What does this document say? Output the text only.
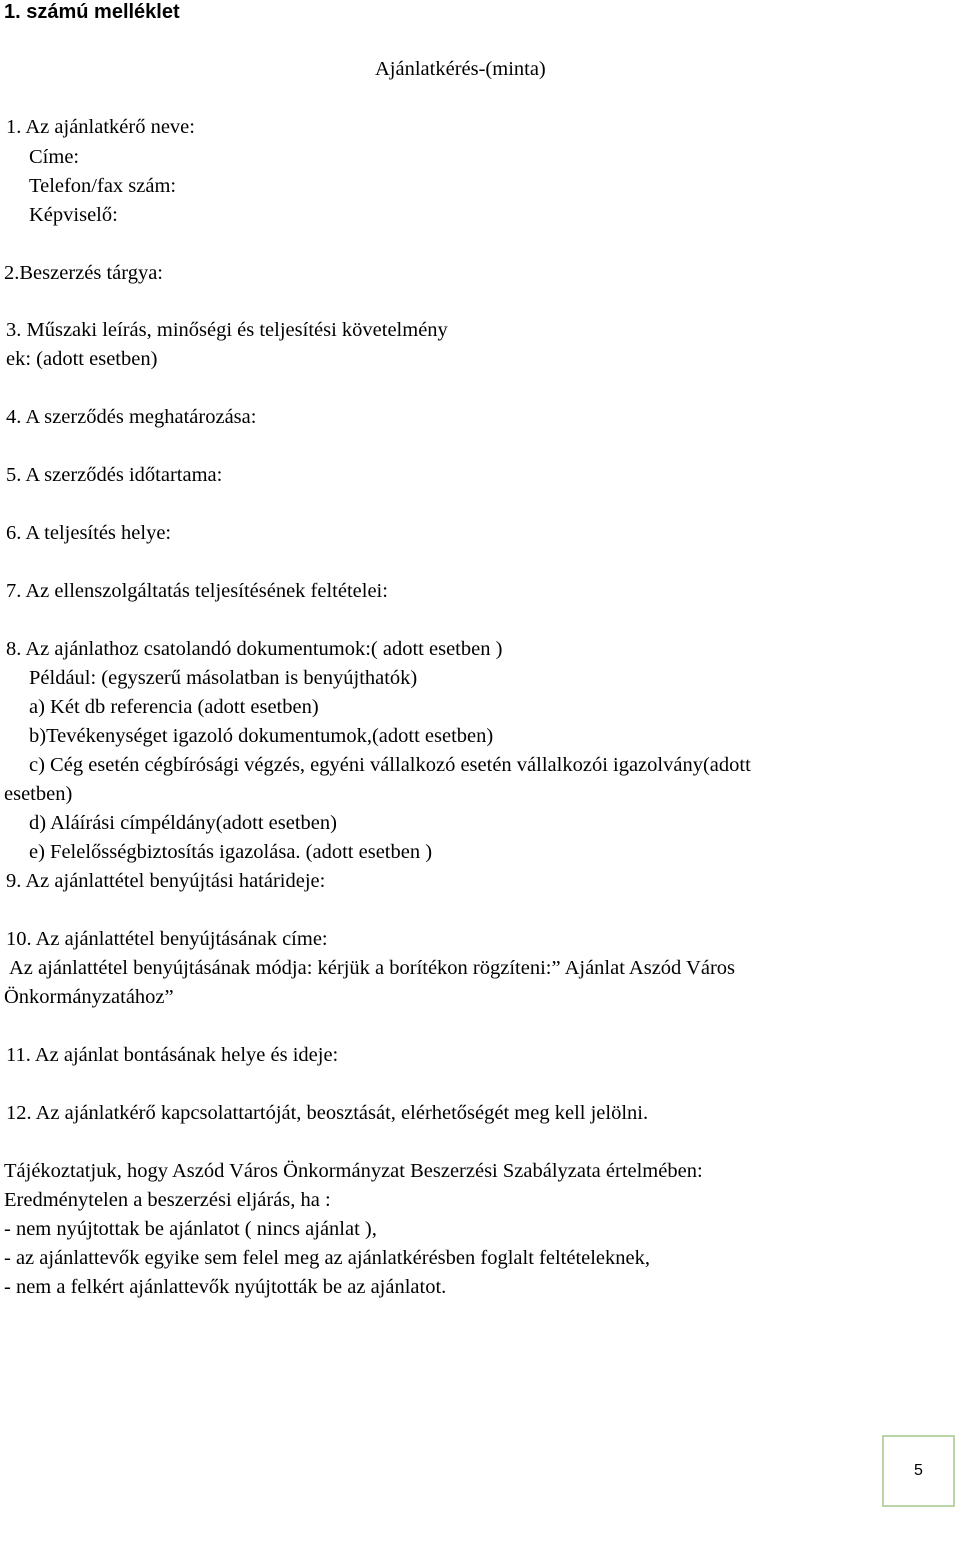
1. számú melléklet
Ajánlatkérés-(minta)
1. Az ajánlatkérő neve:
Címe:
Telefon/fax szám:
Képviselő:
2.Beszerzés tárgya:
3. Műszaki leírás, minőségi és teljesítési követelmény
ek: (adott esetben)
4. A szerződés meghatározása:
5. A szerződés időtartama:
6. A teljesítés helye:
7. Az ellenszolgáltatás teljesítésének feltételei:
8. Az ajánlathoz csatolandó dokumentumok:( adott esetben )
Például: (egyszerű másolatban is benyújthatók)
a) Két db referencia (adott esetben)
b)Tevékenységet igazoló dokumentumok,(adott esetben)
c) Cég esetén cégbírósági végzés, egyéni vállalkozó esetén vállalkozói igazolvány(adott
esetben)
d) Aláírási címpéldány(adott esetben)
e) Felelősségbiztosítás igazolása. (adott esetben )
9. Az ajánlattétel benyújtási határideje:
10. Az ajánlattétel benyújtásának címe:
Az ajánlattétel benyújtásának módja: kérjük a borítékon rögzíteni:” Ajánlat Aszód Város
Önkormányzatához”
11. Az ajánlat bontásának helye és ideje:
12. Az ajánlatkérő kapcsolattartóját, beosztását, elérhetőségét meg kell jelölni.
Tájékoztatjuk, hogy Aszód Város Önkormányzat Beszerzési Szabályzata értelmében:
Eredménytelen a beszerzési eljárás, ha :
- nem nyújtottak be ajánlatot ( nincs ajánlat ),
- az ajánlattevők egyike sem felel meg az ajánlatkérésben foglalt feltételeknek,
- nem a felkért ajánlattevők nyújtották be az ajánlatot.
5
